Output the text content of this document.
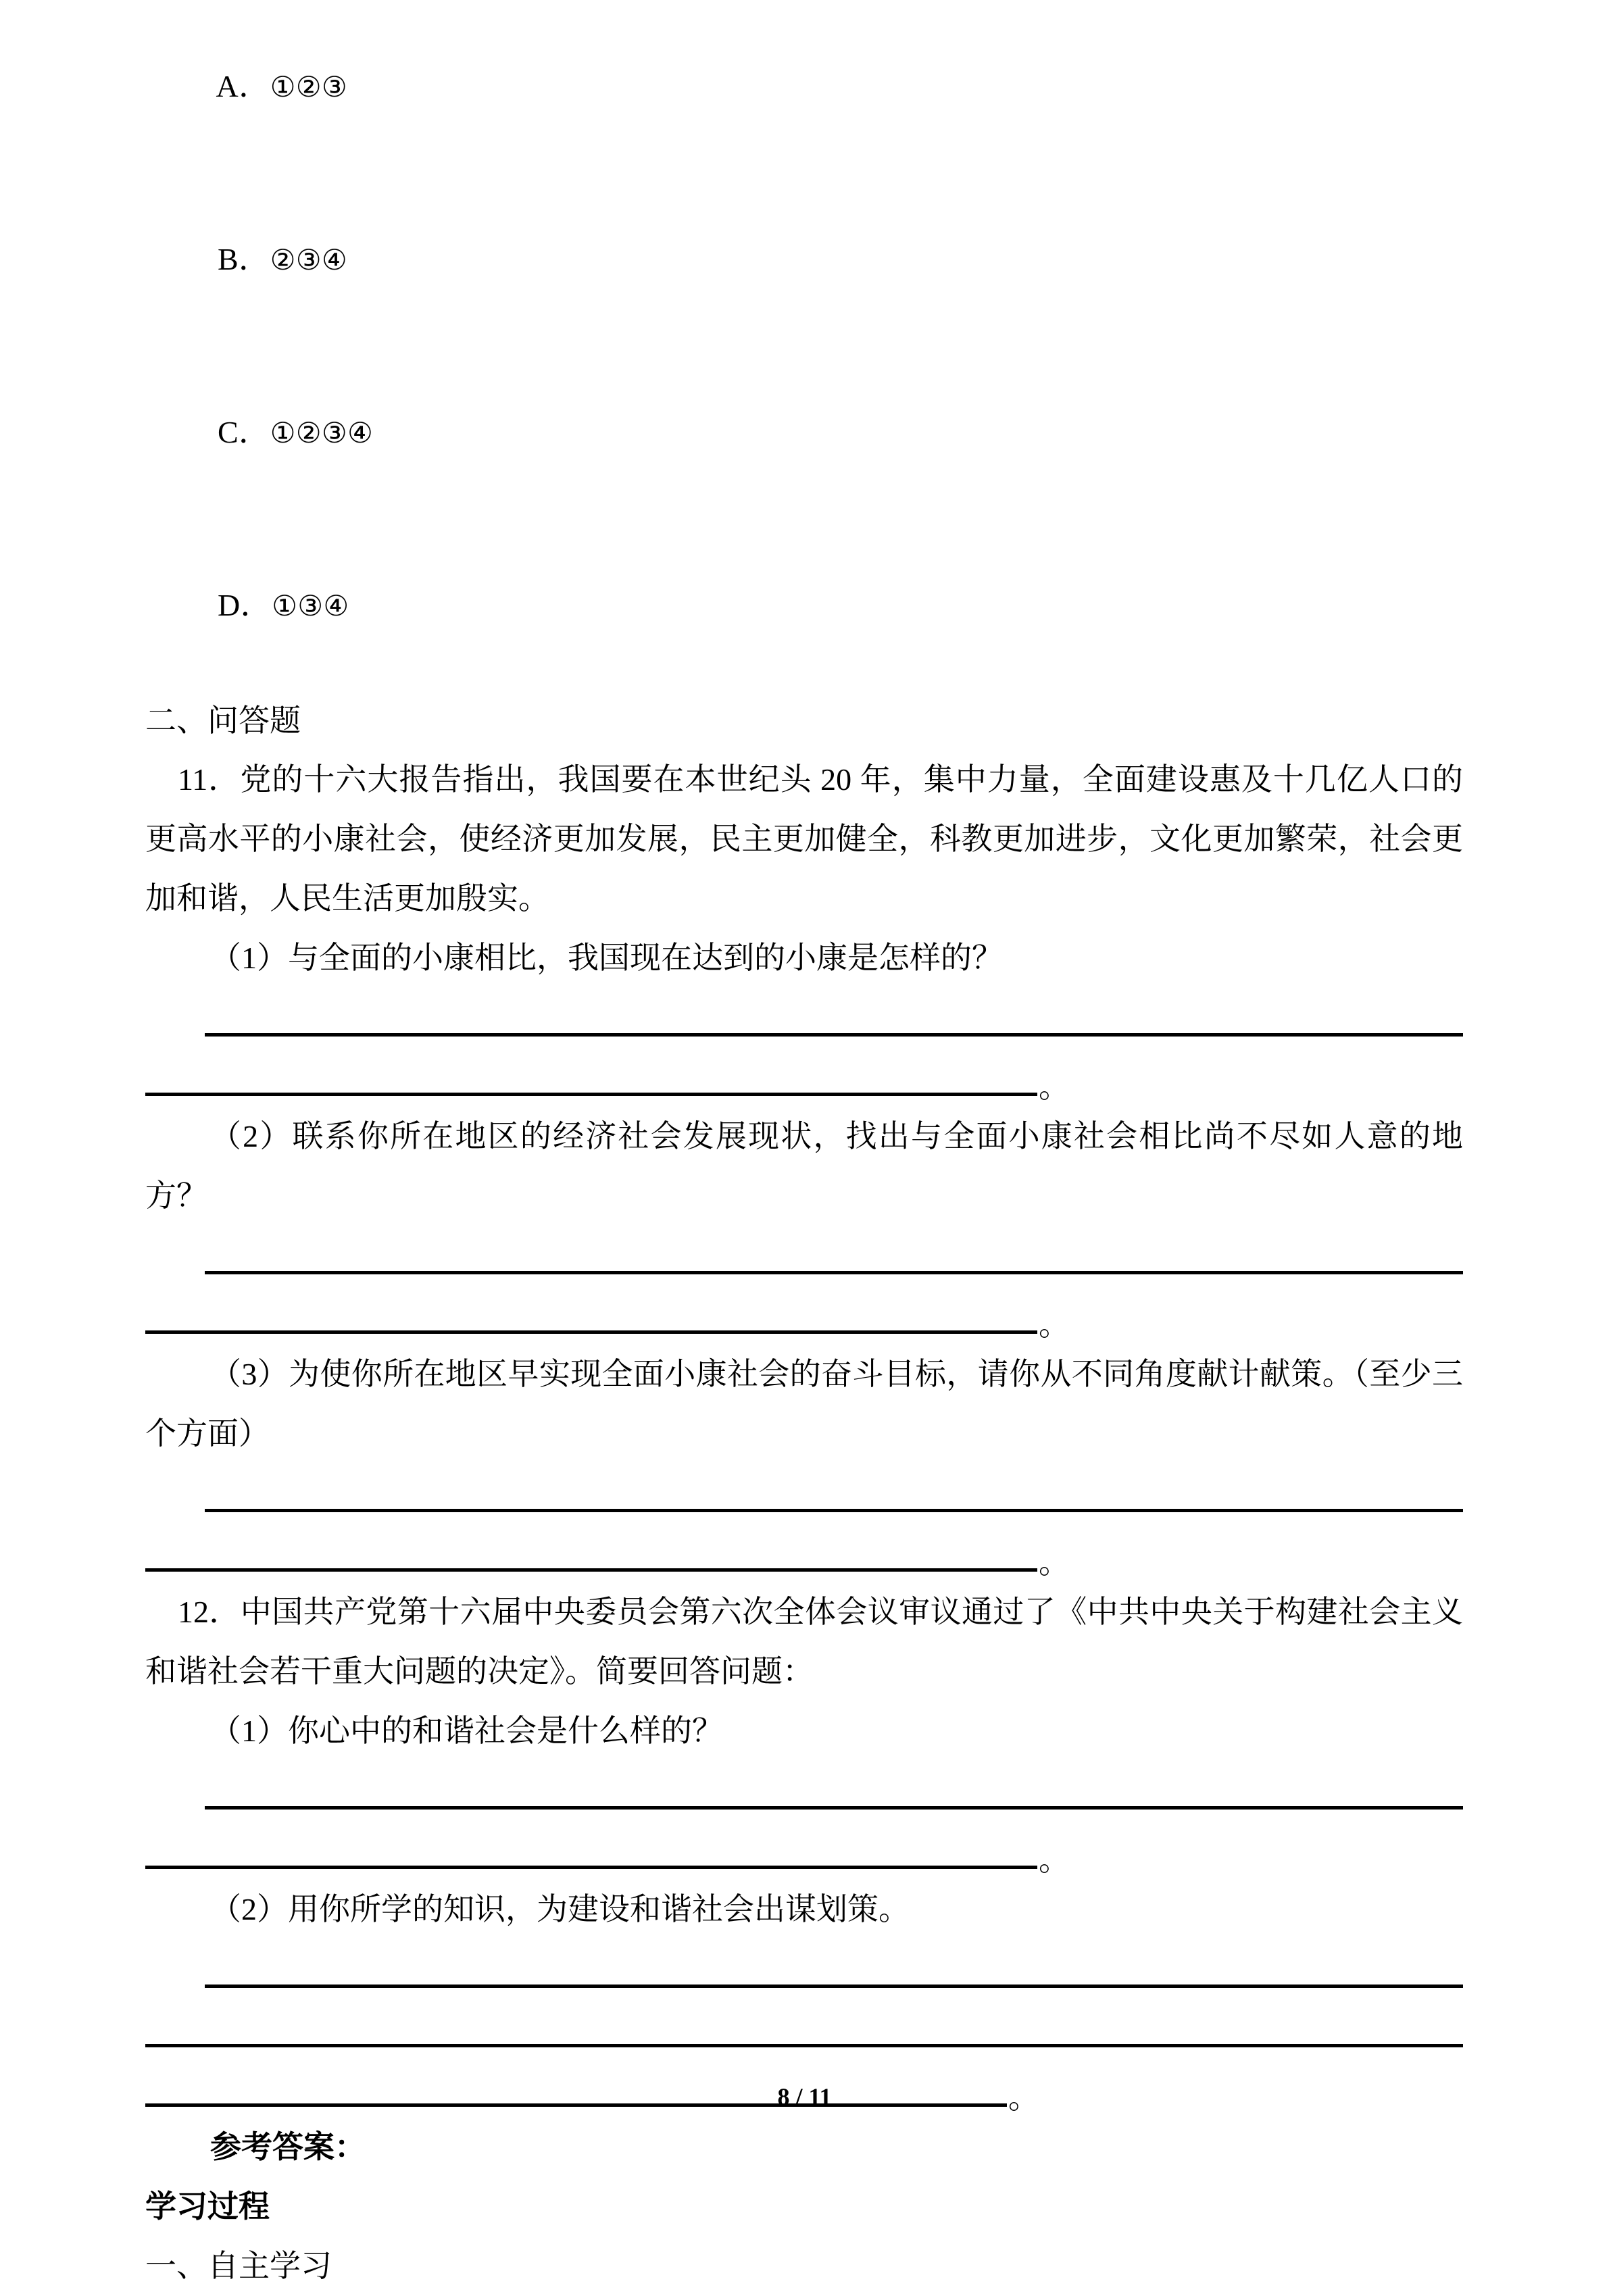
A．①②③

B．②③④

C．①②③④

D．①③④

二、问答题

11．党的十六大报告指出，我国要在本世纪头 20 年，集中力量，全面建设惠及十几亿人口的更高水平的小康社会，使经济更加发展，民主更加健全，科教更加进步，文化更加繁荣，社会更加和谐，人民生活更加殷实。

（1）与全面的小康相比，我国现在达到的小康是怎样的？

。

（2）联系你所在地区的经济社会发展现状，找出与全面小康社会相比尚不尽如人意的地方？

。

（3）为使你所在地区早实现全面小康社会的奋斗目标，请你从不同角度献计献策。（至少三个方面）

。

12．中国共产党第十六届中央委员会第六次全体会议审议通过了《中共中央关于构建社会主义和谐社会若干重大问题的决定》。简要回答问题：

（1）你心中的和谐社会是什么样的？

。

（2）用你所学的知识，为建设和谐社会出谋划策。

。

参考答案：

学习过程

一、自主学习

8 / 11
